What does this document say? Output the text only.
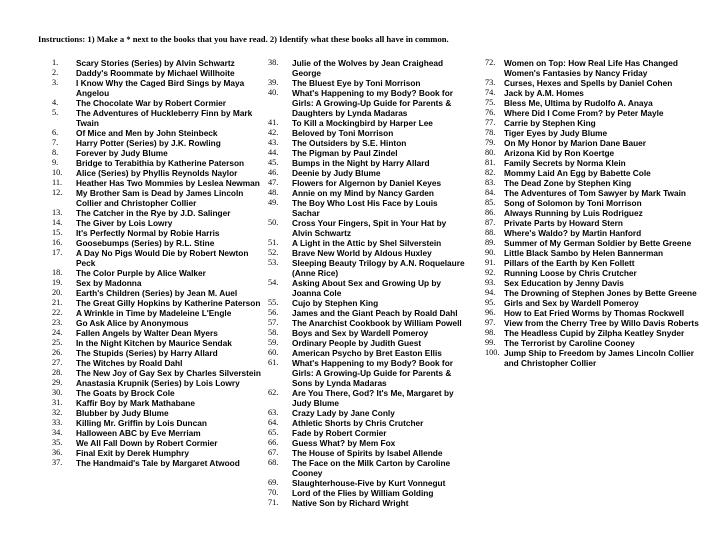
Instructions: 1) Make a * next to the books that you have read. 2) Identify what these books all have in common.
1.	Scary Stories (Series) by Alvin Schwartz
2.	Daddy's Roommate by Michael Willhoite
3.	I Know Why the Caged Bird Sings by Maya Angelou
4.	The Chocolate War by Robert Cormier
5.	The Adventures of Huckleberry Finn by Mark Twain
6.	Of Mice and Men by John Steinbeck
7.	Harry Potter (Series) by J.K. Rowling
8.	Forever by Judy Blume
9.	Bridge to Terabithia by Katherine Paterson
10.	Alice (Series) by Phyllis Reynolds Naylor
11.	Heather Has Two Mommies by Leslea Newman
12.	My Brother Sam is Dead by James Lincoln Collier and Christopher Collier
13.	The Catcher in the Rye by J.D. Salinger
14.	The Giver by Lois Lowry
15.	It's Perfectly Normal by Robie Harris
16.	Goosebumps (Series) by R.L. Stine
17.	A Day No Pigs Would Die by Robert Newton Peck
18.	The Color Purple by Alice Walker
19.	Sex by Madonna
20.	Earth's Children (Series) by Jean M. Auel
21.	The Great Gilly Hopkins by Katherine Paterson
22.	A Wrinkle in Time by Madeleine L'Engle
23.	Go Ask Alice by Anonymous
24.	Fallen Angels by Walter Dean Myers
25.	In the Night Kitchen by Maurice Sendak
26.	The Stupids (Series) by Harry Allard
27.	The Witches by Roald Dahl
28.	The New Joy of Gay Sex by Charles Silverstein
29.	Anastasia Krupnik (Series) by Lois Lowry
30.	The Goats by Brock Cole
31.	Kaffir Boy by Mark Mathabane
32.	Blubber by Judy Blume
33.	Killing Mr. Griffin by Lois Duncan
34.	Halloween ABC by Eve Merriam
35.	We All Fall Down by Robert Cormier
36.	Final Exit by Derek Humphry
37.	The Handmaid's Tale by Margaret Atwood
38.	Julie of the Wolves by Jean Craighead George
39.	The Bluest Eye by Toni Morrison
40.	What's Happening to my Body? Book for Girls: A Growing-Up Guide for Parents & Daughters by Lynda Madaras
41.	To Kill a Mockingbird by Harper Lee
42.	Beloved by Toni Morrison
43.	The Outsiders by S.E. Hinton
44.	The Pigman by Paul Zindel
45.	Bumps in the Night by Harry Allard
46.	Deenie by Judy Blume
47.	Flowers for Algernon by Daniel Keyes
48.	Annie on my Mind by Nancy Garden
49.	The Boy Who Lost His Face by Louis Sachar
50.	Cross Your Fingers, Spit in Your Hat by Alvin Schwartz
51.	A Light in the Attic by Shel Silverstein
52.	Brave New World by Aldous Huxley
53.	Sleeping Beauty Trilogy by A.N. Roquelaure (Anne Rice)
54.	Asking About Sex and Growing Up by Joanna Cole
55.	Cujo by Stephen King
56.	James and the Giant Peach by Roald Dahl
57.	The Anarchist Cookbook by William Powell
58.	Boys and Sex by Wardell Pomeroy
59.	Ordinary People by Judith Guest
60.	American Psycho by Bret Easton Ellis
61.	What's Happening to my Body? Book for Girls: A Growing-Up Guide for Parents & Sons by Lynda Madaras
62.	Are You There, God? It's Me, Margaret by Judy Blume
63.	Crazy Lady by Jane Conly
64.	Athletic Shorts by Chris Crutcher
65.	Fade by Robert Cormier
66.	Guess What? by Mem Fox
67.	The House of Spirits by Isabel Allende
68.	The Face on the Milk Carton by Caroline Cooney
69.	Slaughterhouse-Five by Kurt Vonnegut
70.	Lord of the Flies by William Golding
71.	Native Son by Richard Wright
72.	Women on Top: How Real Life Has Changed Women's Fantasies by Nancy Friday
73.	Curses, Hexes and Spells by Daniel Cohen
74.	Jack by A.M. Homes
75.	Bless Me, Ultima by Rudolfo A. Anaya
76.	Where Did I Come From? by Peter Mayle
77.	Carrie by Stephen King
78.	Tiger Eyes by Judy Blume
79.	On My Honor by Marion Dane Bauer
80.	Arizona Kid by Ron Koertge
81.	Family Secrets by Norma Klein
82.	Mommy Laid An Egg by Babette Cole
83.	The Dead Zone by Stephen King
84.	The Adventures of Tom Sawyer by Mark Twain
85.	Song of Solomon by Toni Morrison
86.	Always Running by Luis Rodriguez
87.	Private Parts by Howard Stern
88.	Where's Waldo? by Martin Hanford
89.	Summer of My German Soldier by Bette Greene
90.	Little Black Sambo by Helen Bannerman
91.	Pillars of the Earth by Ken Follett
92.	Running Loose by Chris Crutcher
93.	Sex Education by Jenny Davis
94.	The Drowning of Stephen Jones by Bette Greene
95.	Girls and Sex by Wardell Pomeroy
96.	How to Eat Fried Worms by Thomas Rockwell
97.	View from the Cherry Tree by Willo Davis Roberts
98.	The Headless Cupid by Zilpha Keatley Snyder
99.	The Terrorist by Caroline Cooney
100. Jump Ship to Freedom by James Lincoln Collier and Christopher Collier
